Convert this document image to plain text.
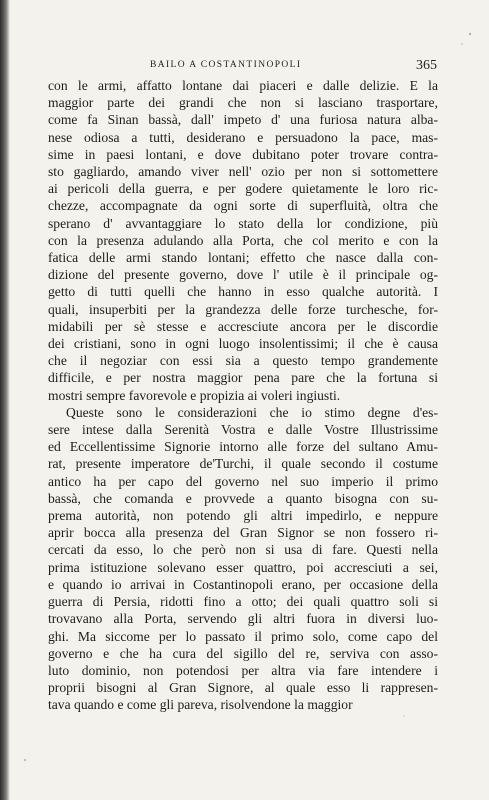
BAILO A COSTANTINOPOLI	365
con le armi, affatto lontane dai piaceri e dalle delizie. E la
maggior parte dei grandi che non si lasciano trasportare,
come fa Sinan bassà, dall' impeto d' una furiosa natura alba-
nese odiosa a tutti, desiderano e persuadono la pace, mas-
sime in paesi lontani, e dove dubitano poter trovare contra-
sto gagliardo, amando viver nell' ozio per non si sottomettere
ai pericoli della guerra, e per godere quietamente le loro ric-
chezze, accompagnate da ogni sorte di superfluità, oltra che
sperano d' avvantaggiare lo stato della lor condizione, più
con la presenza adulando alla Porta, che col merito e con la
fatica delle armi stando lontani; effetto che nasce dalla con-
dizione del presente governo, dove l' utile è il principale og-
getto di tutti quelli che hanno in esso qualche autorità. I
quali, insuperbiti per la grandezza delle forze turchesche, for-
midabili per sè stesse e accresciute ancora per le discordie
dei cristiani, sono in ogni luogo insolentissimi; il che è causa
che il negoziar con essi sia a questo tempo grandemente
difficile, e per nostra maggior pena pare che la fortuna si
mostri sempre favorevole e propizia ai voleri ingiusti.
Queste sono le considerazioni che io stimo degne d'es-
sere intese dalla Serenità Vostra e dalle Vostre Illustrissime
ed Eccellentissime Signorie intorno alle forze del sultano Amu-
rat, presente imperatore de'Turchi, il quale secondo il costume
antico ha per capo del governo nel suo imperio il primo
bassà, che comanda e provvede a quanto bisogna con su-
prema autorità, non potendo gli altri impedirlo, e neppure
aprir bocca alla presenza del Gran Signor se non fossero ri-
cercati da esso, lo che però non si usa di fare. Questi nella
prima istituzione solevano esser quattro, poi accresciuti a sei,
e quando io arrivai in Costantinopoli erano, per occasione della
guerra di Persia, ridotti fino a otto; dei quali quattro soli si
trovavano alla Porta, servendo gli altri fuora in diversi luo-
ghi. Ma siccome per lo passato il primo solo, come capo del
governo e che ha cura del sigillo del re, serviva con asso-
luto dominio, non potendosi per altra via fare intendere i
proprii bisogni al Gran Signore, al quale esso li rappresen-
tava quando e come gli pareva, risolvendone la maggior
